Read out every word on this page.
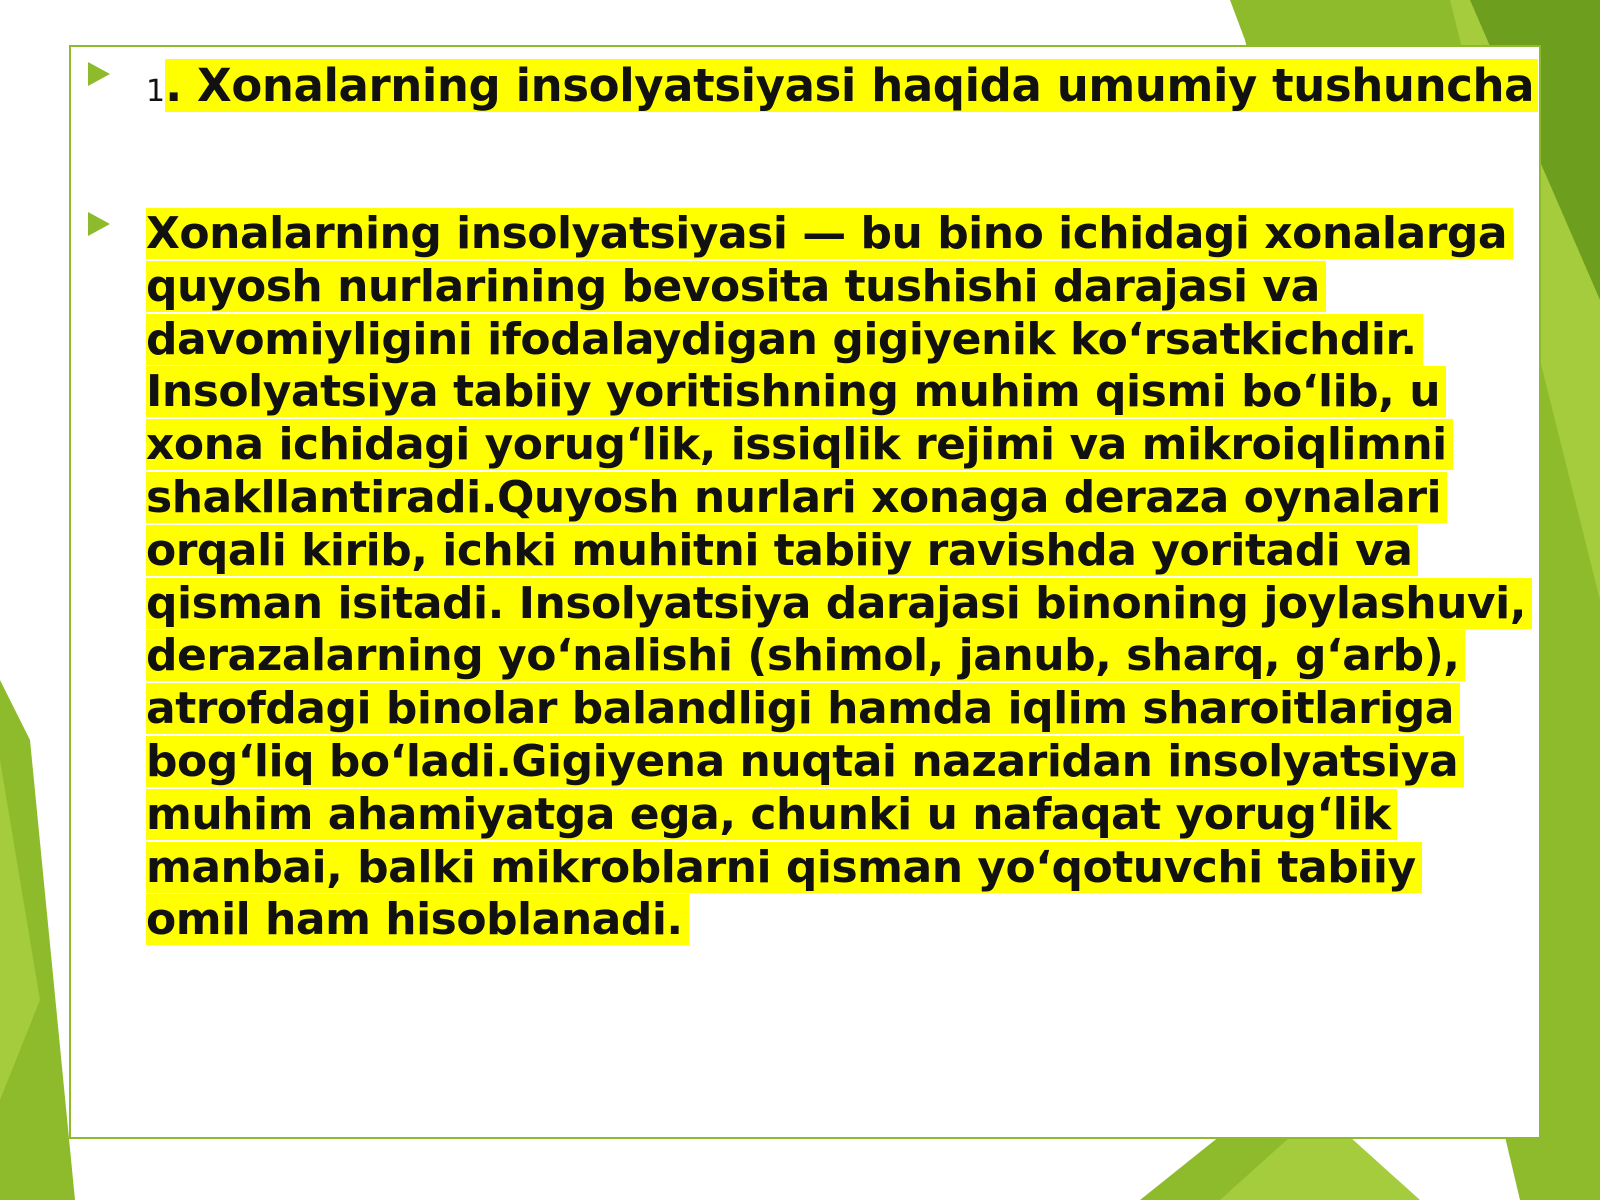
1. Xonalarning insolyatsiyasi haqida umumiy tushuncha
Xonalarning insolyatsiyasi — bu bino ichidagi xonalarga
quyosh nurlarining bevosita tushishi darajasi va
davomiyligini ifodalaydigan gigiyenik koʻrsatkichdir.
Insolyatsiya tabiiy yoritishning muhim qismi boʻlib, u
xona ichidagi yorugʻlik, issiqlik rejimi va mikroiqlimni
shakllantiradi.Quyosh nurlari xonaga deraza oynalari
orqali kirib, ichki muhitni tabiiy ravishda yoritadi va
qisman isitadi. Insolyatsiya darajasi binoning joylashuvi,
derazalarning yoʻnalishi (shimol, janub, sharq, gʻarb),
atrofdagi binolar balandligi hamda iqlim sharoitlariga
bogʻliq boʻladi.Gigiyena nuqtai nazaridan insolyatsiya
muhim ahamiyatga ega, chunki u nafaqat yorugʻlik
manbai, balki mikroblarni qisman yoʻqotuvchi tabiiy
omil ham hisoblanadi.
